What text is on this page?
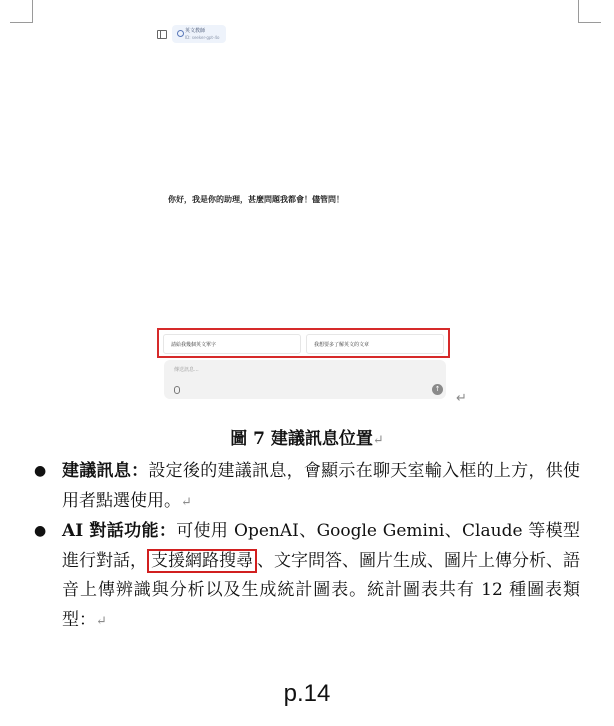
英文教師
ID: seeker-gpt-4o
你好，我是你的助理，甚麼問題我都會！儘管問！
請給我幾個英文單字	我想要多了解英文的文章
傳送訊息...
↑
↵
圖 7 建議訊息位置↵
● 建議訊息：設定後的建議訊息，會顯示在聊天室輸入框的上方，供使用者點選使用。↵
● AI 對話功能：可使用 OpenAI、Google Gemini、Claude 等模型進行對話， 支援網路搜尋 、文字問答、圖片生成、圖片上傳分析、語音上傳辨識與分析以及生成統計圖表。統計圖表共有 12 種圖表類型：↵
p.14
